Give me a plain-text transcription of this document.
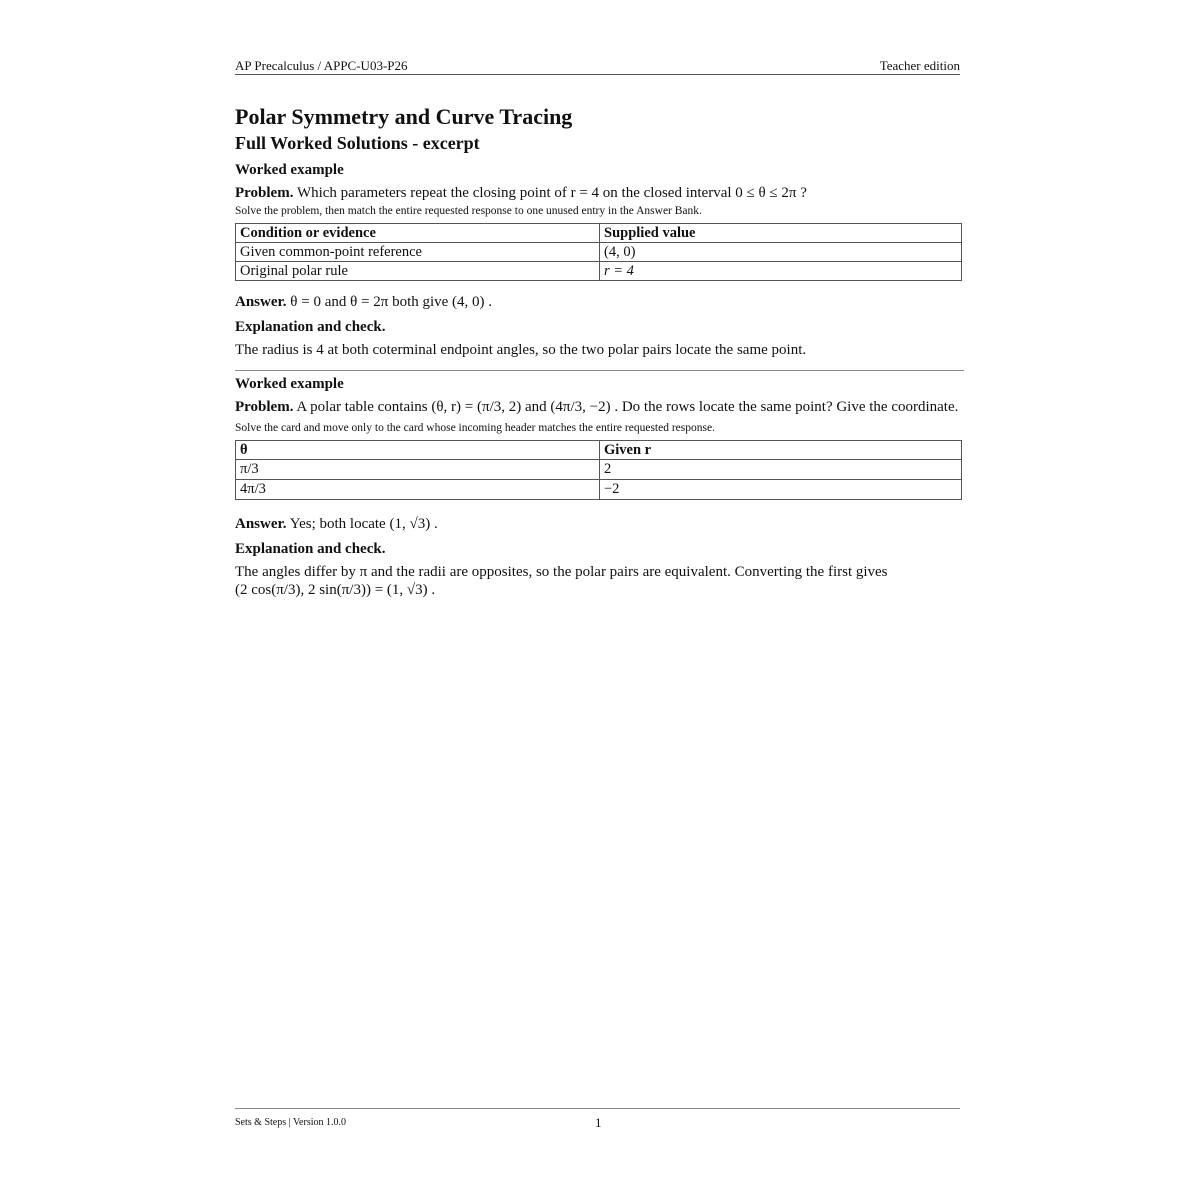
AP Precalculus / APPC-U03-P26	Teacher edition
Polar Symmetry and Curve Tracing
Full Worked Solutions - excerpt
Worked example
Problem. Which parameters repeat the closing point of r = 4 on the closed interval 0 ≤ θ ≤ 2π ?
Solve the problem, then match the entire requested response to one unused entry in the Answer Bank.
Condition or evidence	Supplied value
Given common-point reference	(4, 0)
Original polar rule	r = 4
Answer. θ = 0 and θ = 2π both give (4, 0) .
Explanation and check.
The radius is 4 at both coterminal endpoint angles, so the two polar pairs locate the same point.
Worked example
Problem. A polar table contains (θ, r) = (π/3, 2) and (4π/3, −2) . Do the rows locate the same point? Give the coordinate.
Solve the card and move only to the card whose incoming header matches the entire requested response.
θ	Given r
π/3	2
4π/3	−2
Answer. Yes; both locate (1, √3) .
Explanation and check.
The angles differ by π and the radii are opposites, so the polar pairs are equivalent. Converting the first gives
(2 cos(π/3), 2 sin(π/3)) = (1, √3) .
Sets & Steps | Version 1.0.0	1
